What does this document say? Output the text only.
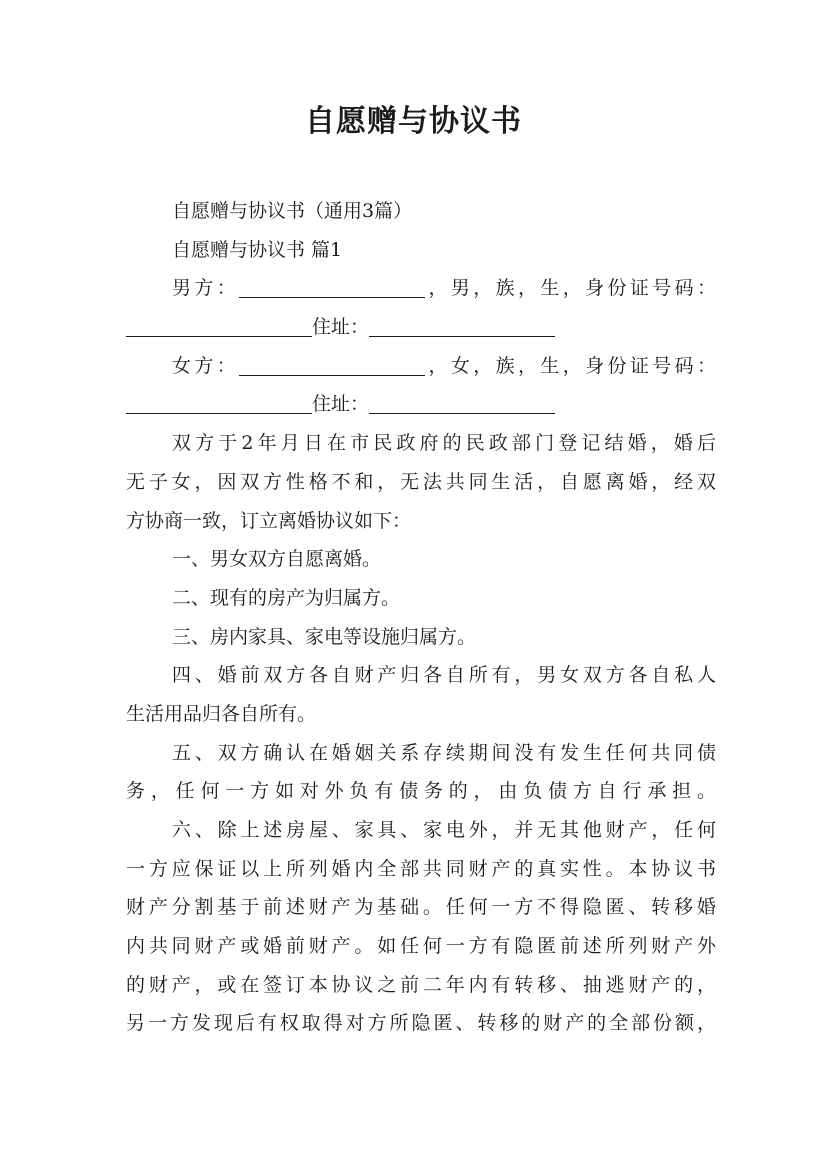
自愿赠与协议书
自愿赠与协议书（通用3篇）
自愿赠与协议书 篇1
男方：	，男，族，生，身份证号码：
住址：
女方：	，女，族，生，身份证号码：
住址：
双方于2年月日在市民政府的民政部门登记结婚，婚后
无子女，因双方性格不和，无法共同生活，自愿离婚，经双
方协商一致，订立离婚协议如下：
一、男女双方自愿离婚。
二、现有的房产为归属方。
三、房内家具、家电等设施归属方。
四、婚前双方各自财产归各自所有，男女双方各自私人
生活用品归各自所有。
五、双方确认在婚姻关系存续期间没有发生任何共同债
务，任何一方如对外负有债务的，由负债方自行承担。
六、除上述房屋、家具、家电外，并无其他财产，任何
一方应保证以上所列婚内全部共同财产的真实性。本协议书
财产分割基于前述财产为基础。任何一方不得隐匿、转移婚
内共同财产或婚前财产。如任何一方有隐匿前述所列财产外
的财产，或在签订本协议之前二年内有转移、抽逃财产的，
另一方发现后有权取得对方所隐匿、转移的财产的全部份额，
